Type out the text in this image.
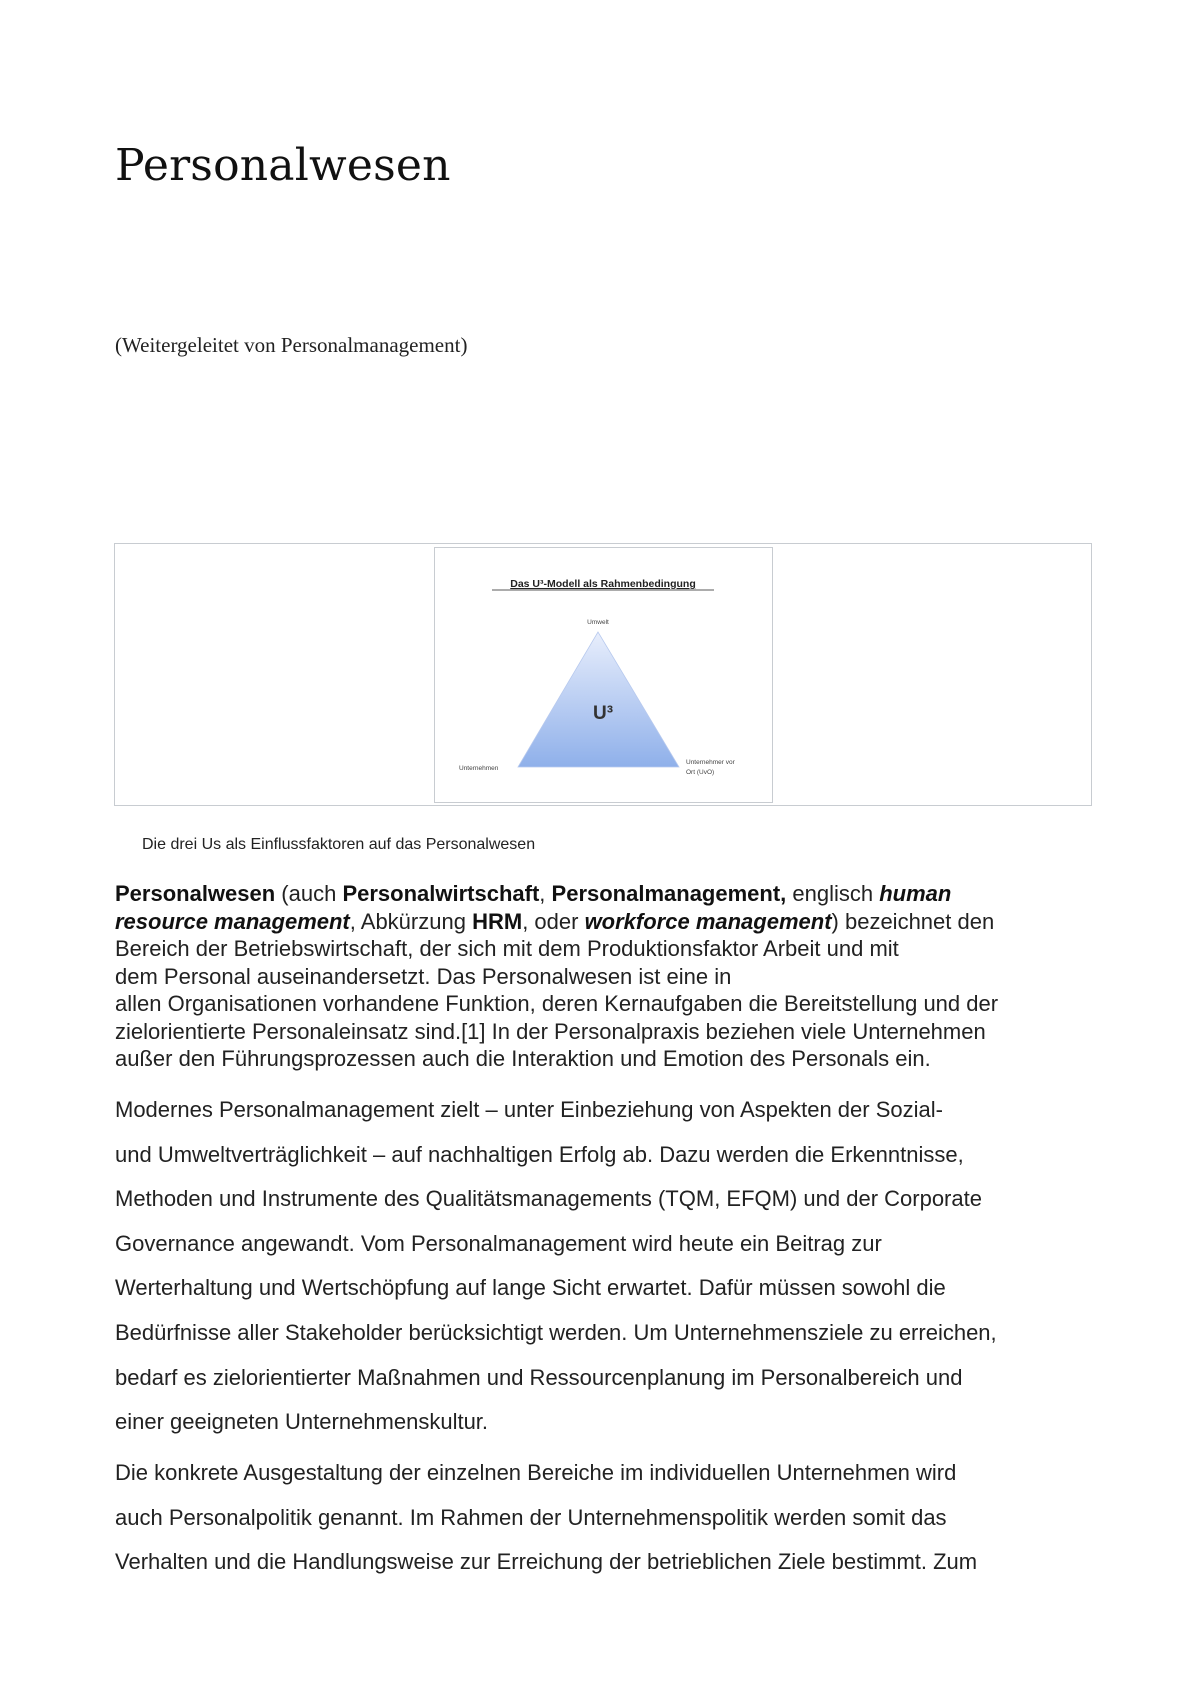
Personalwesen
(Weitergeleitet von Personalmanagement)
Das U³-Modell als Rahmenbedingung
Umwelt
U³
Unternehmen
Unternehmer vor
Ort (UvO)
Die drei Us als Einflussfaktoren auf das Personalwesen

Personalwesen (auch Personalwirtschaft, Personalmanagement, englisch human
resource management, Abkürzung HRM, oder workforce management) bezeichnet den
Bereich der Betriebswirtschaft, der sich mit dem Produktionsfaktor Arbeit und mit
dem Personal auseinandersetzt. Das Personalwesen ist eine in
allen Organisationen vorhandene Funktion, deren Kernaufgaben die Bereitstellung und der
zielorientierte Personaleinsatz sind.[1] In der Personalpraxis beziehen viele Unternehmen
außer den Führungsprozessen auch die Interaktion und Emotion des Personals ein.

Modernes Personalmanagement zielt – unter Einbeziehung von Aspekten der Sozial-
und Umweltverträglichkeit – auf nachhaltigen Erfolg ab. Dazu werden die Erkenntnisse,
Methoden und Instrumente des Qualitätsmanagements (TQM, EFQM) und der Corporate
Governance angewandt. Vom Personalmanagement wird heute ein Beitrag zur
Werterhaltung und Wertschöpfung auf lange Sicht erwartet. Dafür müssen sowohl die
Bedürfnisse aller Stakeholder berücksichtigt werden. Um Unternehmensziele zu erreichen,
bedarf es zielorientierter Maßnahmen und Ressourcenplanung im Personalbereich und
einer geeigneten Unternehmenskultur.

Die konkrete Ausgestaltung der einzelnen Bereiche im individuellen Unternehmen wird
auch Personalpolitik genannt. Im Rahmen der Unternehmenspolitik werden somit das
Verhalten und die Handlungsweise zur Erreichung der betrieblichen Ziele bestimmt. Zum
